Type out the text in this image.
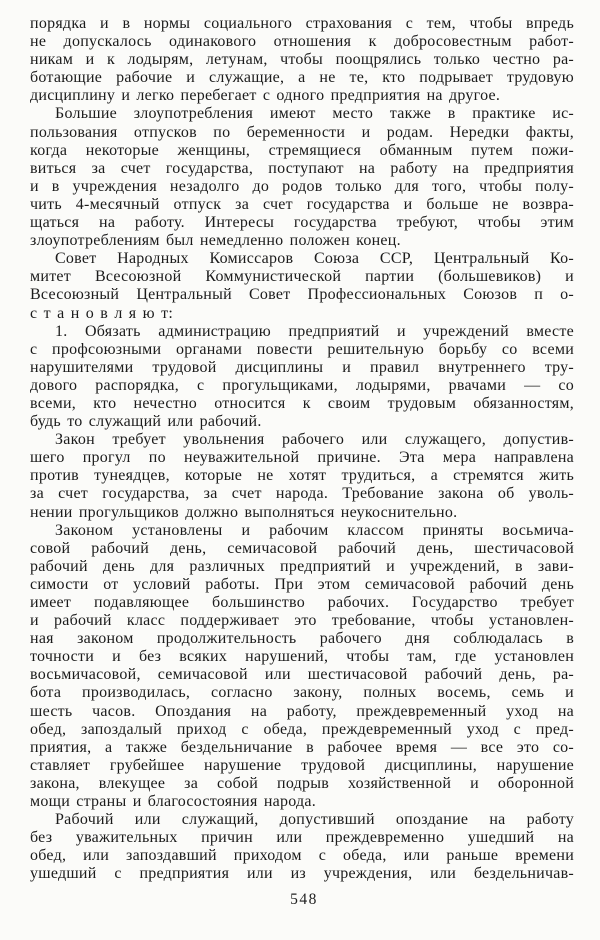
порядка и в нормы социального страхования с тем, чтобы впредь
не допускалось одинакового отношения к добросовестным работ-
никам и к лодырям, летунам, чтобы поощрялись только честно ра-
ботающие рабочие и служащие, а не те, кто подрывает трудовую
дисциплину и легко перебегает с одного предприятия на другое.
Большие злоупотребления имеют место также в практике ис-
пользования отпусков по беременности и родам. Нередки факты,
когда некоторые женщины, стремящиеся обманным путем пожи-
виться за счет государства, поступают на работу на предприятия
и в учреждения незадолго до родов только для того, чтобы полу-
чить 4-месячный отпуск за счет государства и больше не возвра-
щаться на работу. Интересы государства требуют, чтобы этим
злоупотреблениям был немедленно положен конец.
Совет Народных Комиссаров Союза ССР, Центральный Ко-
митет Всесоюзной Коммунистической партии (большевиков) и
Всесоюзный Центральный Совет Профессиональных Союзов п о-
с т а н о в л я ю т:
1. Обязать администрацию предприятий и учреждений вместе
с профсоюзными органами повести решительную борьбу со всеми
нарушителями трудовой дисциплины и правил внутреннего тру-
дового распорядка, с прогульщиками, лодырями, рвачами — со
всеми, кто нечестно относится к своим трудовым обязанностям,
будь то служащий или рабочий.
Закон требует увольнения рабочего или служащего, допустив-
шего прогул по неуважительной причине. Эта мера направлена
против тунеядцев, которые не хотят трудиться, а стремятся жить
за счет государства, за счет народа. Требование закона об уволь-
нении прогульщиков должно выполняться неукоснительно.
Законом установлены и рабочим классом приняты восьмича-
совой рабочий день, семичасовой рабочий день, шестичасовой
рабочий день для различных предприятий и учреждений, в зави-
симости от условий работы. При этом семичасовой рабочий день
имеет подавляющее большинство рабочих. Государство требует
и рабочий класс поддерживает это требование, чтобы установлен-
ная законом продолжительность рабочего дня соблюдалась в
точности и без всяких нарушений, чтобы там, где установлен
восьмичасовой, семичасовой или шестичасовой рабочий день, ра-
бота производилась, согласно закону, полных восемь, семь и
шесть часов. Опоздания на работу, преждевременный уход на
обед, запоздалый приход с обеда, преждевременный уход с пред-
приятия, а также бездельничание в рабочее время — все это со-
ставляет грубейшее нарушение трудовой дисциплины, нарушение
закона, влекущее за собой подрыв хозяйственной и оборонной
мощи страны и благосостояния народа.
Рабочий или служащий, допустивший опоздание на работу
без уважительных причин или преждевременно ушедший на
обед, или запоздавший приходом с обеда, или раньше времени
ушедший с предприятия или из учреждения, или бездельничав-
548
